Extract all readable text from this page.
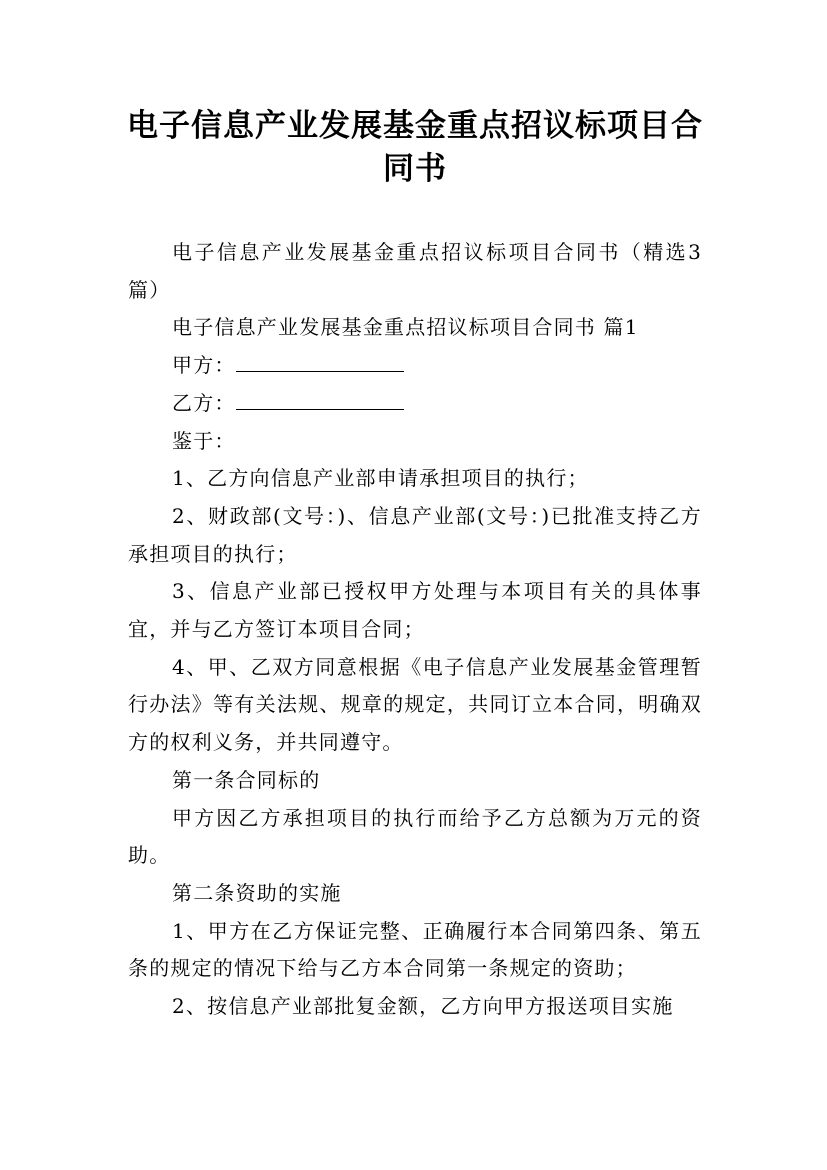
电子信息产业发展基金重点招议标项目合
同书

电子信息产业发展基金重点招议标项目合同书（精选3篇）

电子信息产业发展基金重点招议标项目合同书 篇1

甲方：

乙方：

鉴于：

1、乙方向信息产业部申请承担项目的执行；

2、财政部(文号：)、信息产业部(文号：)已批准支持乙方承担项目的执行；

3、信息产业部已授权甲方处理与本项目有关的具体事宜，并与乙方签订本项目合同；

4、甲、乙双方同意根据《电子信息产业发展基金管理暂行办法》等有关法规、规章的规定，共同订立本合同，明确双方的权利义务，并共同遵守。

第一条合同标的

甲方因乙方承担项目的执行而给予乙方总额为万元的资助。

第二条资助的实施

1、甲方在乙方保证完整、正确履行本合同第四条、第五条的规定的情况下给与乙方本合同第一条规定的资助；

2、按信息产业部批复金额，乙方向甲方报送项目实施
